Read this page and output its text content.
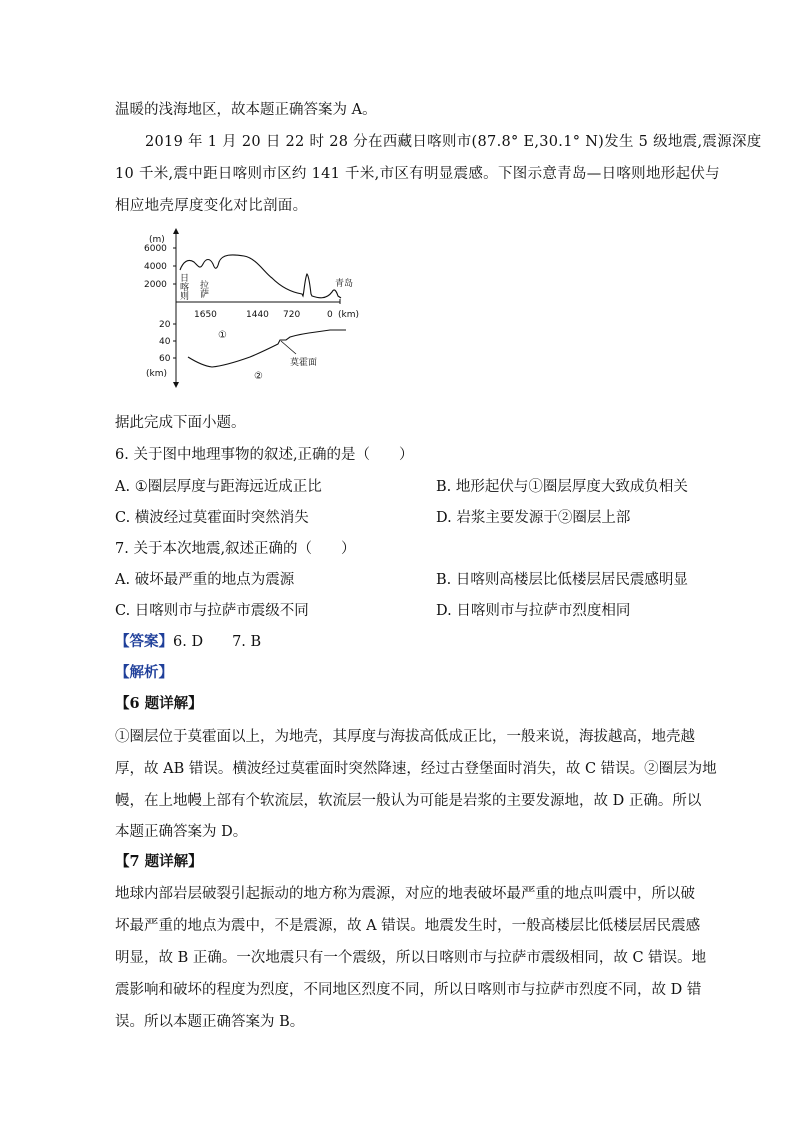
温暖的浅海地区，故本题正确答案为 A。
2019 年 1 月 20 日 22 时 28 分在西藏日喀则市(87.8° E,30.1° N)发生 5 级地震,震源深度
10 千米,震中距日喀则市区约 141 千米,市区有明显震感。下图示意青岛—日喀则地形起伏与
相应地壳厚度变化对比剖面。
(m)
6000
4000
2000
日
喀
则
拉
萨
青 岛
1650	1440 720	0 (km)
20
40
60
(km)
莫霍面
①
②
据此完成下面小题。
6. 关于图中地理事物的叙述,正确的是（　　）
A. ①圈层厚度与距海远近成正比	B. 地形起伏与①圈层厚度大致成负相关
C. 横波经过莫霍面时突然消失	D. 岩浆主要发源于②圈层上部
7. 关于本次地震,叙述正确的（　　）
A. 破坏最严重的地点为震源	B. 日喀则高楼层比低楼层居民震感明显
C. 日喀则市与拉萨市震级不同	D. 日喀则市与拉萨市烈度相同
【答案】6. D　　7. B
【解析】
【6 题详解】
①圈层位于莫霍面以上，为地壳，其厚度与海拔高低成正比，一般来说，海拔越高，地壳越
厚，故 AB 错误。横波经过莫霍面时突然降速，经过古登堡面时消失，故 C 错误。②圈层为地
幔，在上地幔上部有个软流层，软流层一般认为可能是岩浆的主要发源地，故 D 正确。所以
本题正确答案为 D。
【7 题详解】
地球内部岩层破裂引起振动的地方称为震源，对应的地表破坏最严重的地点叫震中，所以破
坏最严重的地点为震中，不是震源，故 A 错误。地震发生时，一般高楼层比低楼层居民震感
明显，故 B 正确。一次地震只有一个震级，所以日喀则市与拉萨市震级相同，故 C 错误。地
震影响和破坏的程度为烈度，不同地区烈度不同，所以日喀则市与拉萨市烈度不同，故 D 错
误。所以本题正确答案为 B。
